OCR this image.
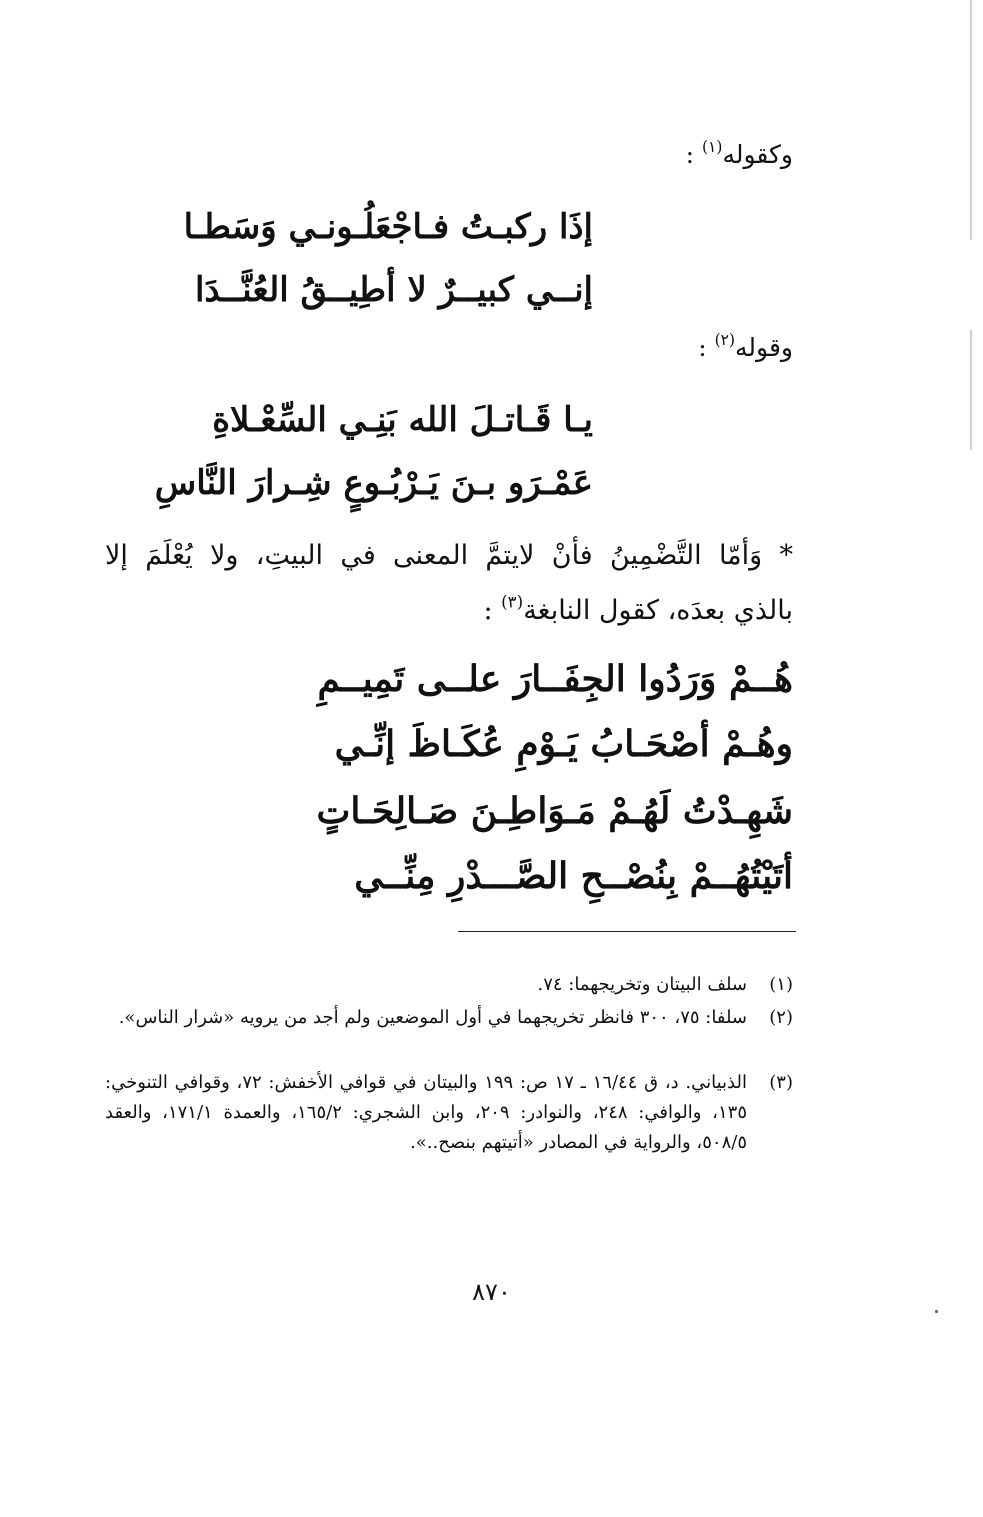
وكقوله$^{(١)}$ :
إذَا ركبـتُ فـاجْعَلُـونـي وَسَطـا
إنــي كبيــرٌ لا أطِيــقُ العُنَّــدَا
وقوله$^{(٢)}$ :
يـا قَـاتـلَ الله بَنِـي السِّعْـلاةِ
عَمْـرَو بـنَ يَـرْبُـوعٍ شِـرارَ النَّاسِ
* وَأمّا التَّضْمِينُ فأنْ لايتمَّ المعنى في البيتِ، ولا يُعْلَمَ إلا
بالذي بعدَه، كقول النابغة$^{(٣)}$ :
هُــمْ وَرَدُوا الجِفَــارَ علــى تَمِيــمِ
وهُـمْ أصْحَـابُ يَـوْمِ عُكَـاظَ إنِّـي
شَهِـدْتُ لَهُـمْ مَـوَاطِـنَ صَـالِحَـاتٍ
أتَيْتُهُــمْ بِنُصْــحِ الصَّـــدْرِ مِنِّــي
(١)
سلف البيتان وتخريجهما: ٧٤.
(٢)
سلفا: ٧٥، ٣٠٠ فانظر تخريجهما في أول الموضعين ولم أجد من يرويه «شرار الناس».
(٣)
الذبياني. د، ق ١٦/٤٤ ـ ١٧ ص: ١٩٩ والبيتان في قوافي الأخفش: ٧٢، وقوافي التنوخي: ١٣٥، والوافي: ٢٤٨، والنوادر: ٢٠٩، وابن الشجري: ١٦٥/٢، والعمدة ١٧١/١، والعقد ٥٠٨/٥، والرواية في المصادر «أتيتهم بنصح..».
٨٧٠
